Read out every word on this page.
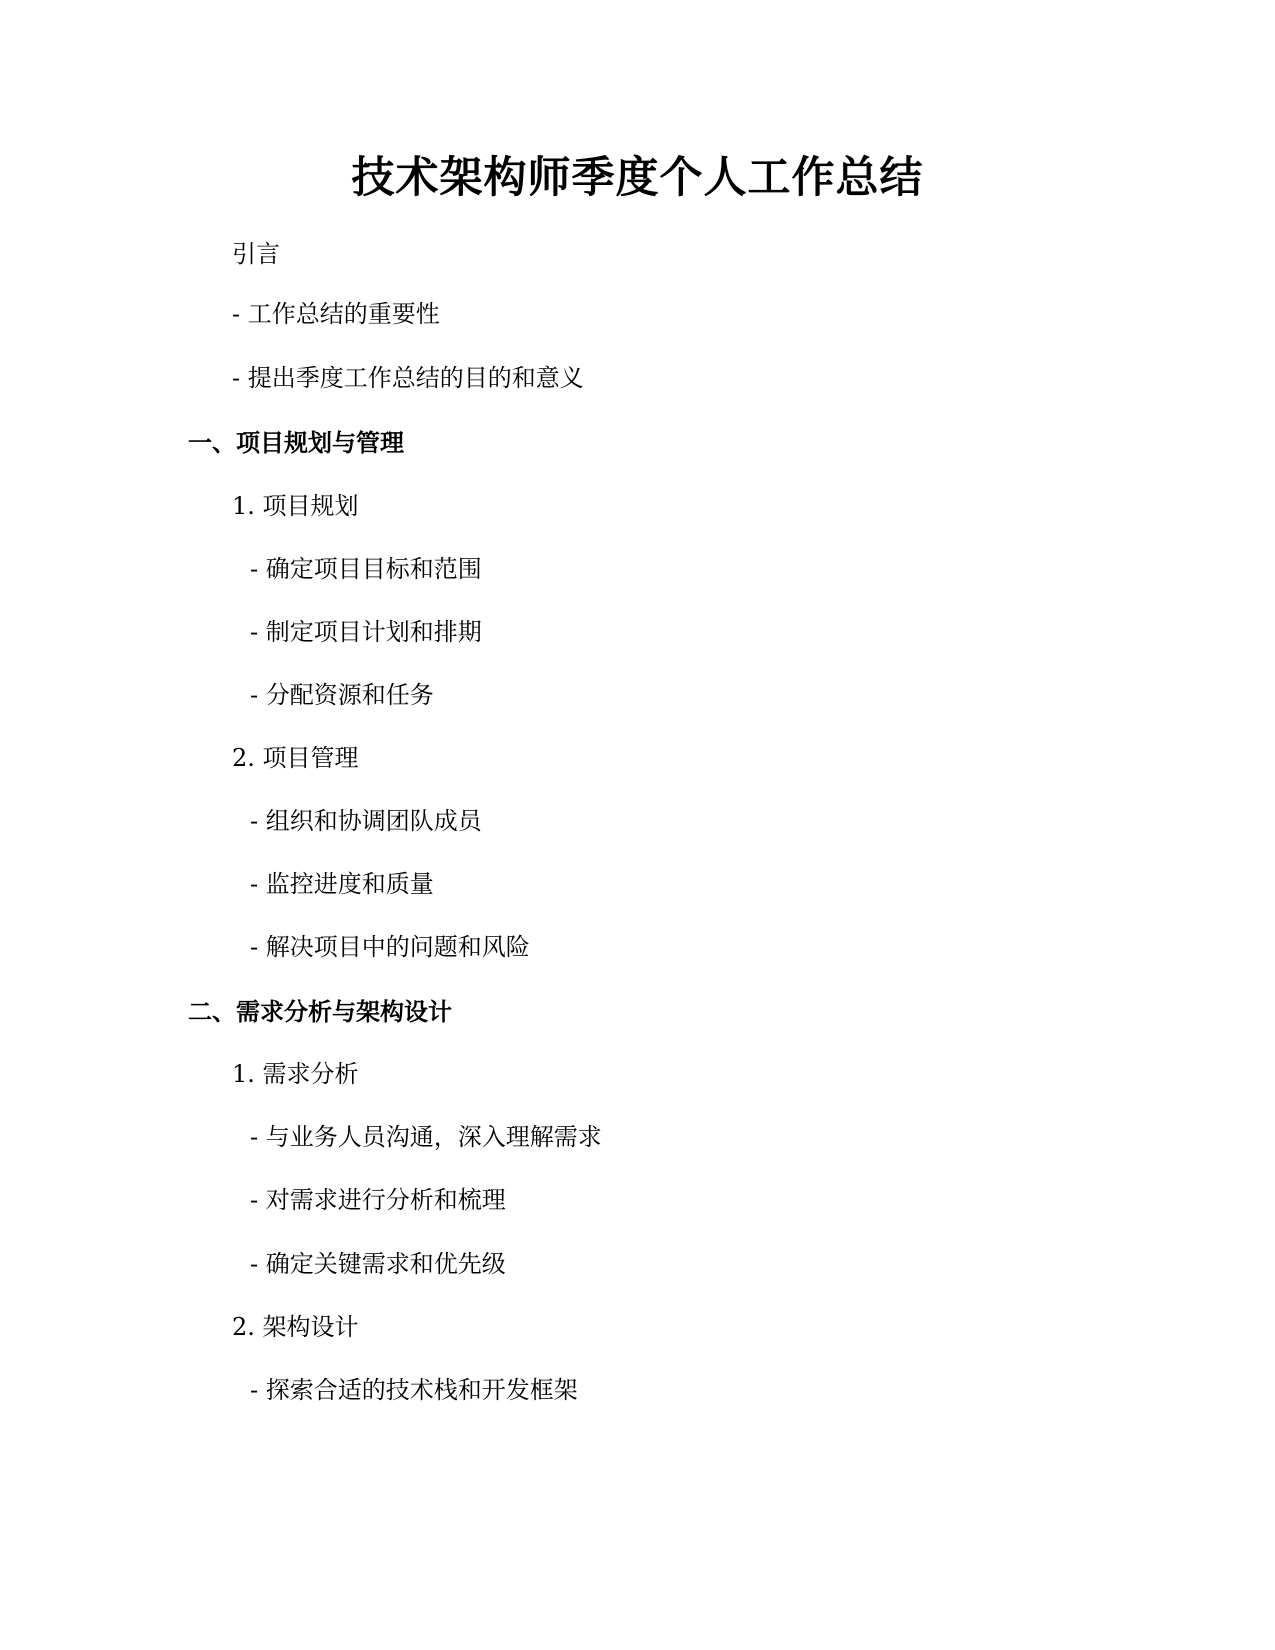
技术架构师季度个人工作总结
引言
- 工作总结的重要性
- 提出季度工作总结的目的和意义
一、项目规划与管理
1. 项目规划
- 确定项目目标和范围
- 制定项目计划和排期
- 分配资源和任务
2. 项目管理
- 组织和协调团队成员
- 监控进度和质量
- 解决项目中的问题和风险
二、需求分析与架构设计
1. 需求分析
- 与业务人员沟通，深入理解需求
- 对需求进行分析和梳理
- 确定关键需求和优先级
2. 架构设计
- 探索合适的技术栈和开发框架
